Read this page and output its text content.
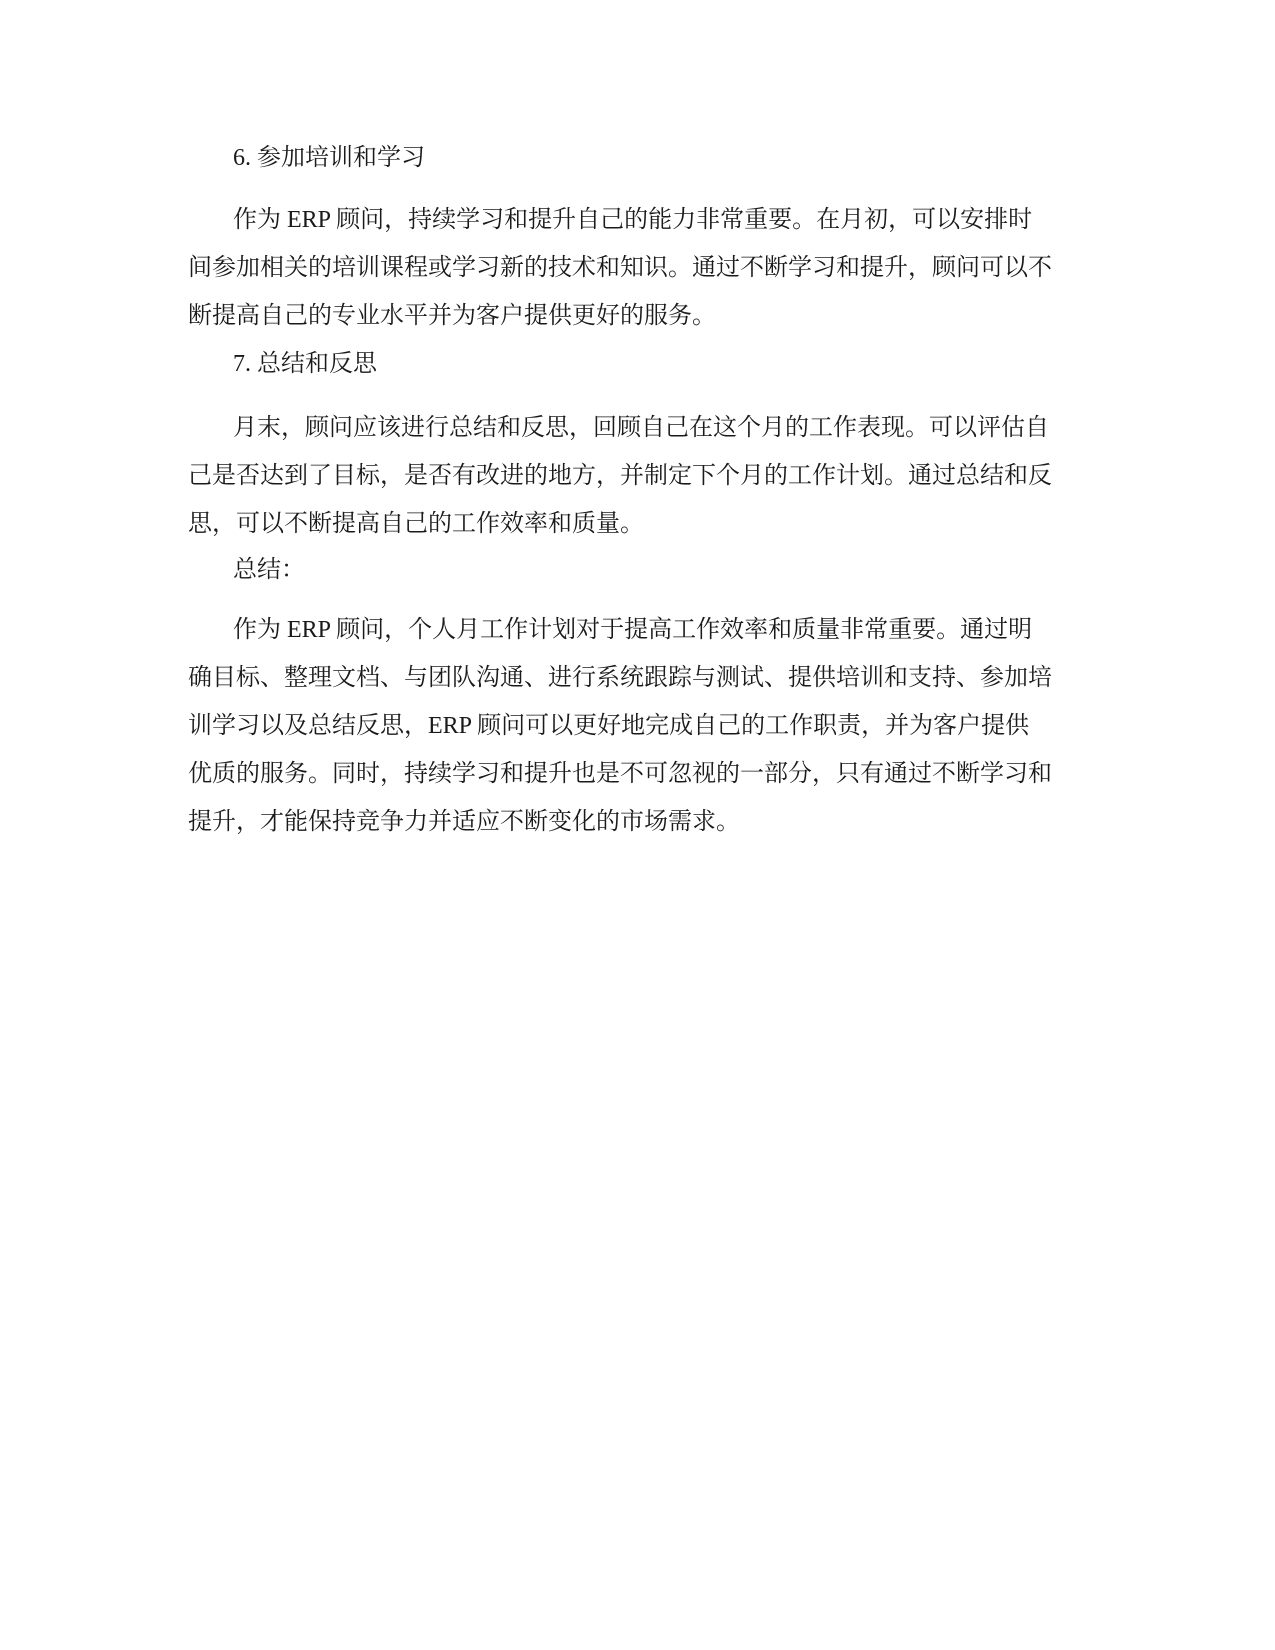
6. 参加培训和学习

作为 ERP 顾问，持续学习和提升自己的能力非常重要。在月初，可以安排时
间参加相关的培训课程或学习新的技术和知识。通过不断学习和提升，顾问可以不
断提高自己的专业水平并为客户提供更好的服务。

7. 总结和反思

月末，顾问应该进行总结和反思，回顾自己在这个月的工作表现。可以评估自
己是否达到了目标，是否有改进的地方，并制定下个月的工作计划。通过总结和反
思，可以不断提高自己的工作效率和质量。

总结：

作为 ERP 顾问，个人月工作计划对于提高工作效率和质量非常重要。通过明
确目标、整理文档、与团队沟通、进行系统跟踪与测试、提供培训和支持、参加培
训学习以及总结反思，ERP 顾问可以更好地完成自己的工作职责，并为客户提供
优质的服务。同时，持续学习和提升也是不可忽视的一部分，只有通过不断学习和
提升，才能保持竞争力并适应不断变化的市场需求。
